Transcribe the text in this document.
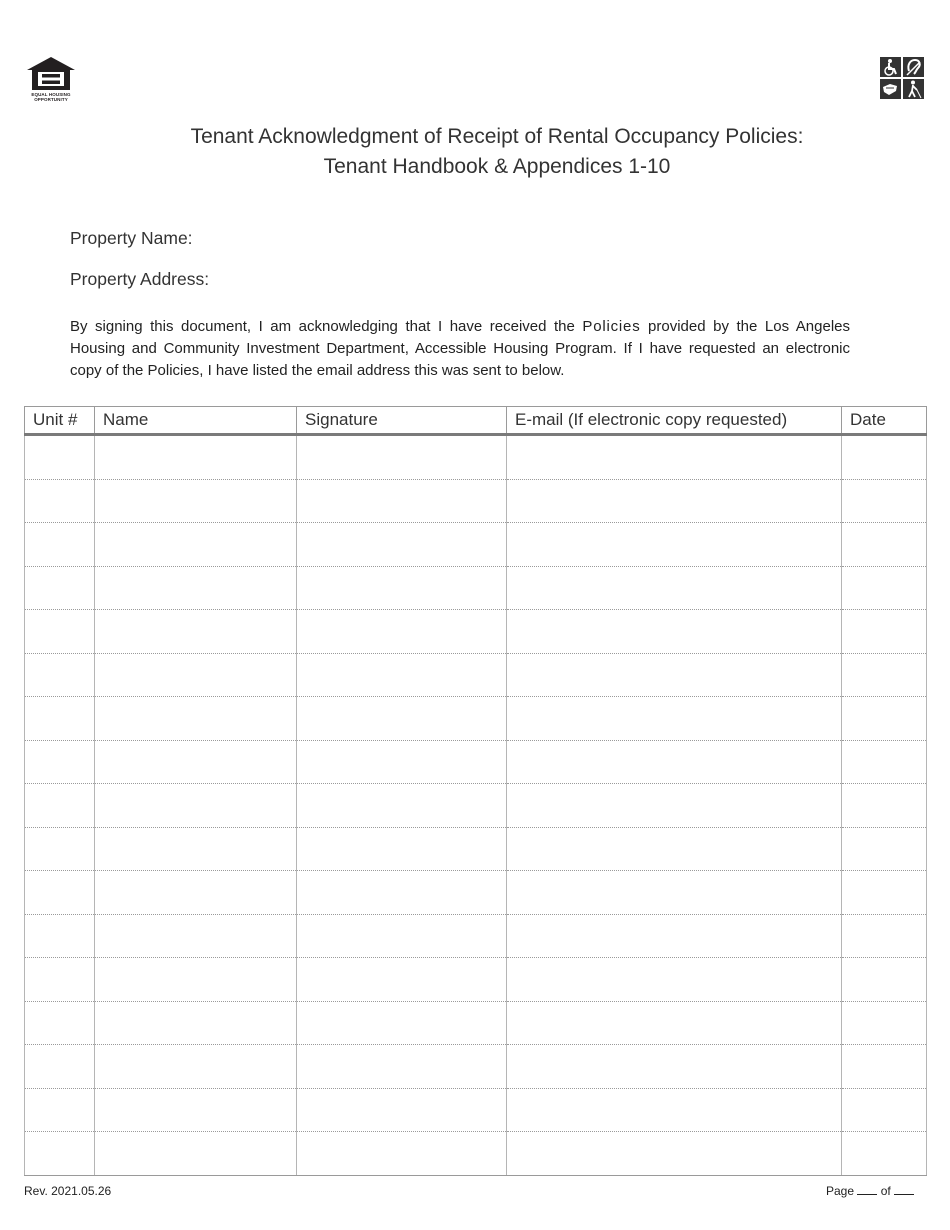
EQUAL HOUSING
OPPORTUNITY
Tenant Acknowledgment of Receipt of Rental Occupancy Policies:
Tenant Handbook & Appendices 1-10
Property Name:
Property Address:
By signing this document, I am acknowledging that I have received the Policies provided by the Los Angeles Housing and Community Investment Department, Accessible Housing Program. If I have requested an electronic copy of the Policies, I have listed the email address this was sent to below.
Unit #	Name	Signature	E-mail (If electronic copy requested)	Date

Rev. 2021.05.26	Page of
